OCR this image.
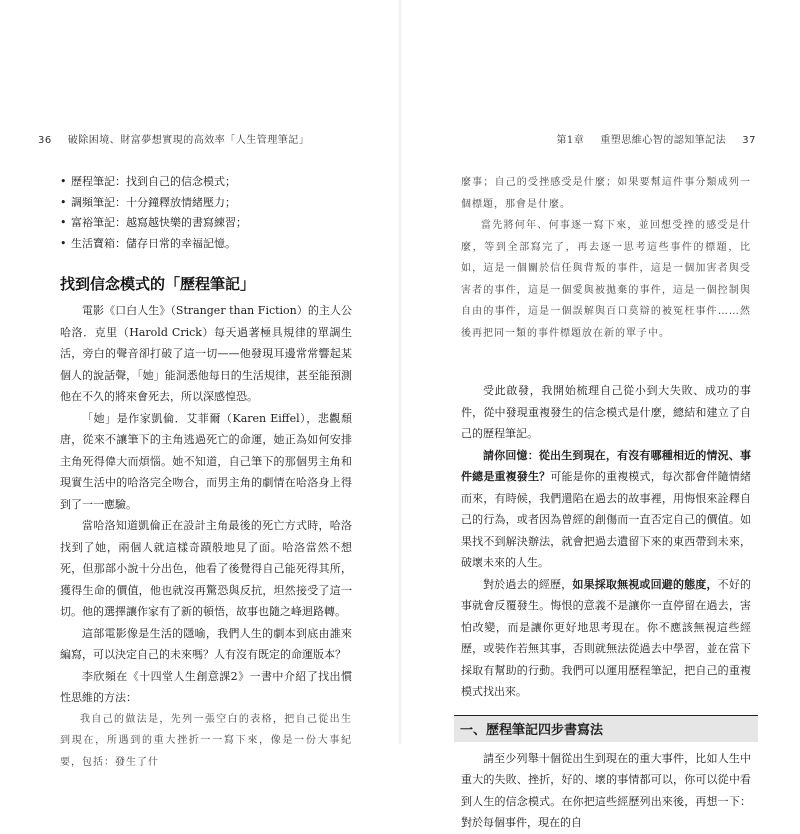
36 破除困境、財富夢想實現的高效率「人生管理筆記」
• 歷程筆記：找到自己的信念模式；
• 調頻筆記：十分鐘釋放情緒壓力；
• 富裕筆記：越寫越快樂的書寫練習；
• 生活寶箱：儲存日常的幸福記憶。
找到信念模式的「歷程筆記」

電影《口白人生》（Stranger than Fiction）的主人公哈洛．克里（Harold Crick）每天過著極具規律的單調生活，旁白的聲音卻打破了這一切——他發現耳邊常常響起某個人的說話聲，「她」能洞悉他每日的生活規律，甚至能預測他在不久的將來會死去，所以深感惶恐。

「她」是作家凱倫．艾菲爾（Karen Eiffel），悲觀頹唐，從來不讓筆下的主角逃過死亡的命運，她正為如何安排主角死得偉大而煩惱。她不知道，自己筆下的那個男主角和現實生活中的哈洛完全吻合，而男主角的劇情在哈洛身上得到了一一應驗。

當哈洛知道凱倫正在設計主角最後的死亡方式時，哈洛找到了她，兩個人就這樣奇蹟般地見了面。哈洛當然不想死，但那部小說十分出色，他看了後覺得自己能死得其所，獲得生命的價值，他也就沒再驚恐與反抗，坦然接受了這一切。他的選擇讓作家有了新的頓悟，故事也隨之峰迴路轉。

這部電影像是生活的隱喻，我們人生的劇本到底由誰來編寫，可以決定自己的未來嗎？人有沒有既定的命運版本？

李欣頻在《十四堂人生創意課2》一書中介紹了找出慣性思維的方法：

我自己的做法是，先列一張空白的表格，把自己從出生到現在，所遇到的重大挫折一一寫下來，像是一份大事紀要，包括：發生了什

第1章 重塑思維心智的認知筆記法 37

麼事；自己的受挫感受是什麼；如果要幫這件事分類成列一個標題，那會是什麼。

當先將何年、何事逐一寫下來，並回想受挫的感受是什麼，等到全部寫完了，再去逐一思考這些事件的標題，比如，這是一個關於信任與背叛的事件，這是一個加害者與受害者的事件，這是一個愛與被拋棄的事件，這是一個控制與自由的事件，這是一個誤解與百口莫辯的被冤枉事件……然後再把同一類的事件標題放在新的單子中。

受此啟發，我開始梳理自己從小到大失敗、成功的事件，從中發現重複發生的信念模式是什麼，總結和建立了自己的歷程筆記。

請你回憶：從出生到現在，有沒有哪種相近的情況、事件總是重複發生？可能是你的重複模式，每次都會伴隨情緒而來，有時候，我們還陷在過去的故事裡，用悔恨來詮釋自己的行為，或者因為曾經的創傷而一直否定自己的價值。如果找不到解決辦法，就會把過去遺留下來的東西帶到未來，破壞未來的人生。

對於過去的經歷，如果採取無視或回避的態度，不好的事就會反覆發生。悔恨的意義不是讓你一直停留在過去，害怕改變，而是讓你更好地思考現在。你不應該無視這些經歷，或裝作若無其事，否則就無法從過去中學習，並在當下採取有幫助的行動。我們可以運用歷程筆記，把自己的重複模式找出來。

一、歷程筆記四步書寫法

請至少列舉十個從出生到現在的重大事件，比如人生中重大的失敗、挫折，好的、壞的事情都可以，你可以從中看到人生的信念模式。在你把這些經歷列出來後，再想一下：對於每個事件，現在的自
